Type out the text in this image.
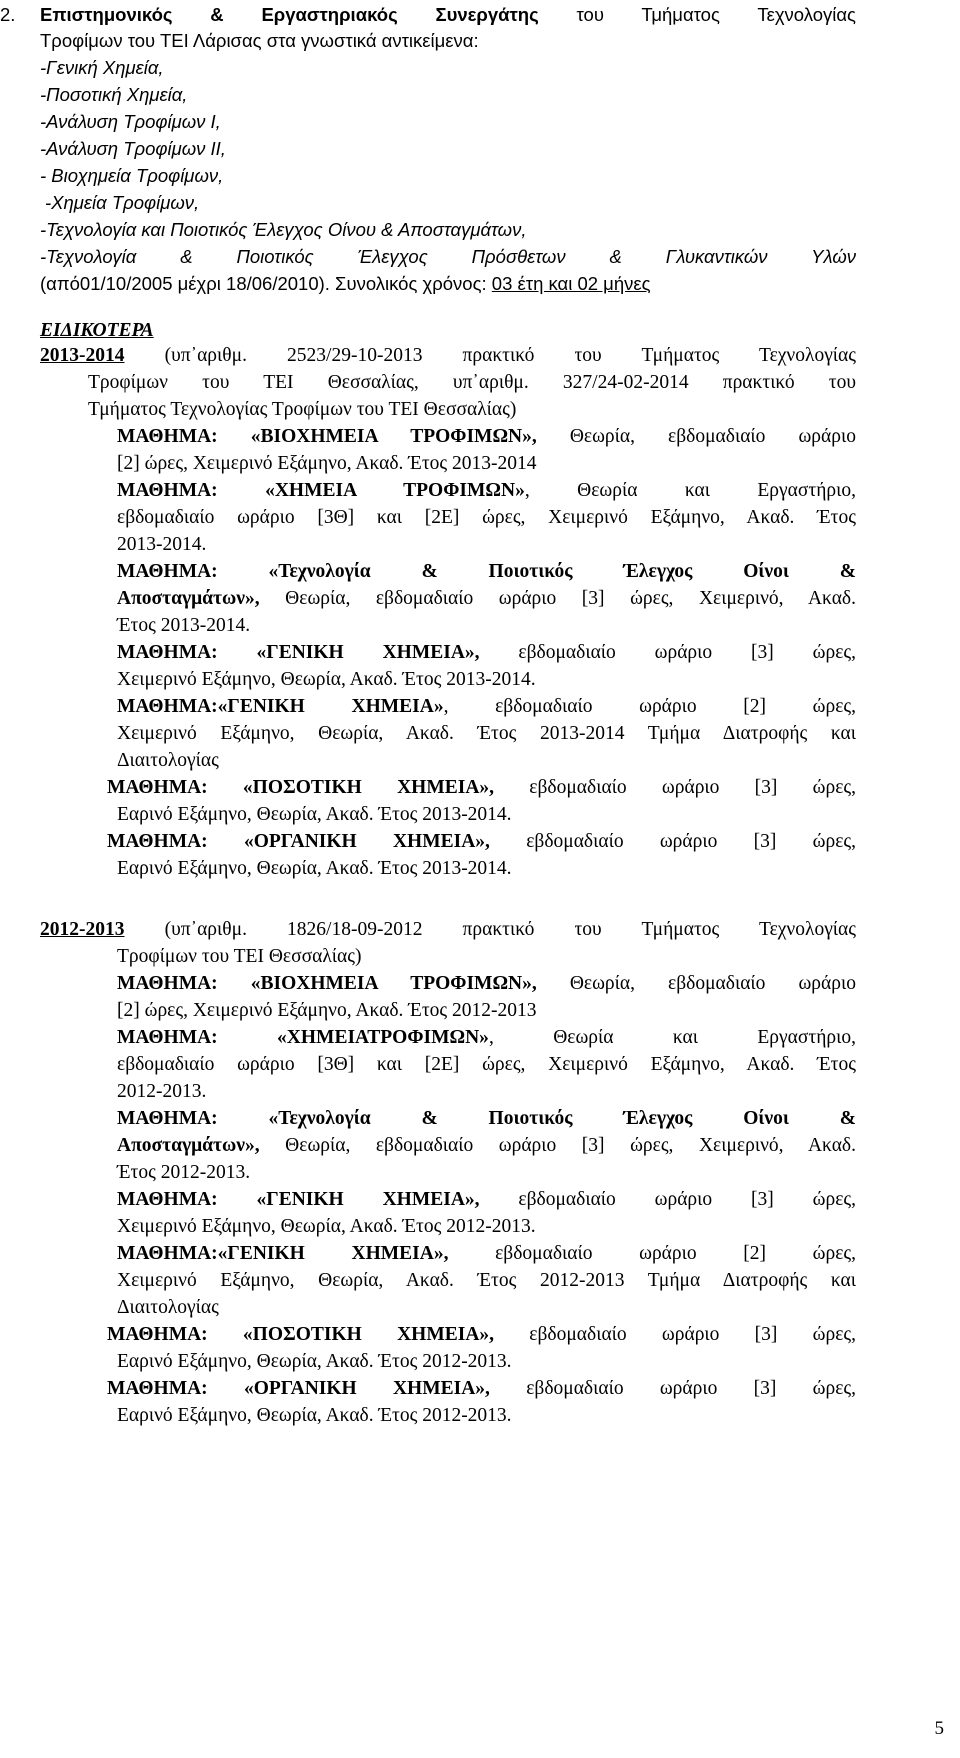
2. Επιστημονικός & Εργαστηριακός Συνεργάτης του Τμήματος Τεχνολογίας
Τροφίμων του ΤΕΙ Λάρισας στα γνωστικά αντικείμενα:
-Γενική Χημεία,
-Ποσοτική Χημεία,
-Ανάλυση Τροφίμων Ι,
-Ανάλυση Τροφίμων ΙΙ,
- Βιοχημεία Τροφίμων,
-Χημεία Τροφίμων,
-Τεχνολογία και Ποιοτικός Έλεγχος Οίνου & Αποσταγμάτων,
-Τεχνολογία & Ποιοτικός Έλεγχος Πρόσθετων & Γλυκαντικών Υλών
(από01/10/2005 μέχρι 18/06/2010). Συνολικός χρόνος: 03 έτη και 02 μήνες
ΕΙΔΙΚΟΤΕΡΑ
2013-2014 (υπ᾽αριθμ. 2523/29-10-2013 πρακτικό του Τμήματος Τεχνολογίας
Τροφίμων του ΤΕΙ Θεσσαλίας, υπ᾽αριθμ. 327/24-02-2014 πρακτικό του
Τμήματος Τεχνολογίας Τροφίμων του ΤΕΙ Θεσσαλίας)
ΜΑΘΗΜΑ: «ΒΙΟΧΗΜΕΙΑ ΤΡΟΦΙΜΩΝ», Θεωρία, εβδομαδιαίο ωράριο
[2] ώρες, Χειμερινό Εξάμηνο, Ακαδ. Έτος 2013-2014
ΜΑΘΗΜΑ: «ΧΗΜΕΙΑ ΤΡΟΦΙΜΩΝ», Θεωρία και Εργαστήριο,
εβδομαδιαίο ωράριο [3Θ] και [2Ε] ώρες, Χειμερινό Εξάμηνο, Ακαδ. Έτος
2013-2014.
ΜΑΘΗΜΑ: «Τεχνολογία & Ποιοτικός Έλεγχος Οίνοι &
Αποσταγμάτων», Θεωρία, εβδομαδιαίο ωράριο [3] ώρες, Χειμερινό, Ακαδ.
Έτος 2013-2014.
ΜΑΘΗΜΑ: «ΓΕΝΙΚΗ ΧΗΜΕΙΑ», εβδομαδιαίο ωράριο [3] ώρες,
Χειμερινό Εξάμηνο, Θεωρία, Ακαδ. Έτος 2013-2014.
ΜΑΘΗΜΑ:«ΓΕΝΙΚΗ ΧΗΜΕΙΑ», εβδομαδιαίο ωράριο [2] ώρες,
Χειμερινό Εξάμηνο, Θεωρία, Ακαδ. Έτος 2013-2014 Τμήμα Διατροφής και
Διαιτολογίας
ΜΑΘΗΜΑ: «ΠΟΣΟΤΙΚΗ ΧΗΜΕΙΑ», εβδομαδιαίο ωράριο [3] ώρες,
Εαρινό Εξάμηνο, Θεωρία, Ακαδ. Έτος 2013-2014.
ΜΑΘΗΜΑ: «ΟΡΓΑΝΙΚΗ ΧΗΜΕΙΑ», εβδομαδιαίο ωράριο [3] ώρες,
Εαρινό Εξάμηνο, Θεωρία, Ακαδ. Έτος 2013-2014.
2012-2013 (υπ᾽αριθμ. 1826/18-09-2012 πρακτικό του Τμήματος Τεχνολογίας
Τροφίμων του ΤΕΙ Θεσσαλίας)
ΜΑΘΗΜΑ: «ΒΙΟΧΗΜΕΙΑ ΤΡΟΦΙΜΩΝ», Θεωρία, εβδομαδιαίο ωράριο
[2] ώρες, Χειμερινό Εξάμηνο, Ακαδ. Έτος 2012-2013
ΜΑΘΗΜΑ: «ΧΗΜΕΙΑΤΡΟΦΙΜΩΝ», Θεωρία και Εργαστήριο,
εβδομαδιαίο ωράριο [3Θ] και [2Ε] ώρες, Χειμερινό Εξάμηνο, Ακαδ. Έτος
2012-2013.
ΜΑΘΗΜΑ: «Τεχνολογία & Ποιοτικός Έλεγχος Οίνοι &
Αποσταγμάτων», Θεωρία, εβδομαδιαίο ωράριο [3] ώρες, Χειμερινό, Ακαδ.
Έτος 2012-2013.
ΜΑΘΗΜΑ: «ΓΕΝΙΚΗ ΧΗΜΕΙΑ», εβδομαδιαίο ωράριο [3] ώρες,
Χειμερινό Εξάμηνο, Θεωρία, Ακαδ. Έτος 2012-2013.
ΜΑΘΗΜΑ:«ΓΕΝΙΚΗ ΧΗΜΕΙΑ», εβδομαδιαίο ωράριο [2] ώρες,
Χειμερινό Εξάμηνο, Θεωρία, Ακαδ. Έτος 2012-2013 Τμήμα Διατροφής και
Διαιτολογίας
ΜΑΘΗΜΑ: «ΠΟΣΟΤΙΚΗ ΧΗΜΕΙΑ», εβδομαδιαίο ωράριο [3] ώρες,
Εαρινό Εξάμηνο, Θεωρία, Ακαδ. Έτος 2012-2013.
ΜΑΘΗΜΑ: «ΟΡΓΑΝΙΚΗ ΧΗΜΕΙΑ», εβδομαδιαίο ωράριο [3] ώρες,
Εαρινό Εξάμηνο, Θεωρία, Ακαδ. Έτος 2012-2013.
5
